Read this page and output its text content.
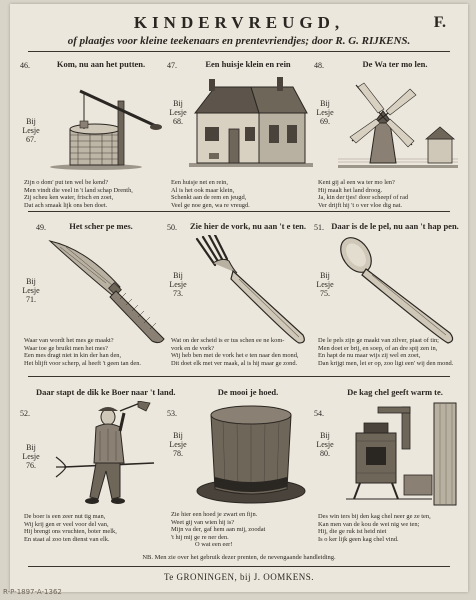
KINDERVREUGD,	F.
of plaatjes voor kleine teekenaars en prentevriendjes; door R. G. RIJKENS.
46.	Kom, nu aan het putten.
Bij
Lesje
67.
Zijn o dom' put ten wel be kend?
Men vindt die veel in 't land schap Drenth,
Zij scheu ken water, frisch en zoet,
Dat ach smaak lijk ons ben doet.
47.	Een huisje klein en rein
Bij
Lesje
68.
Een huisje net en rein,
Al is het ook maar klein,
Schenkt aan de rem en jeugd,
Veel ge noe gen, wa re vreugd.
48.	De Wa ter mo len.
Bij
Lesje
69.
Kent gij al een wa ter mo len?
Hij maalt het land droog.
Ja, kin der tjes! door scheepf of rad
Ver drijft hij 't o ver vloe dig nat.
49.	Het scher pe mes.
Bij
Lesje
71.
Waar van wordt het mes ge maakt?
Waar toe ge bruikt men het mes?
Een mes dragt niet in kin der han den,
Het blijft voor scherp, al heeft 't geen tan den.
50.	Zie hier de vork, nu aan 't e ten.
Bij
Lesje
73.
Wat on der scheid is er tus schen ee ne kom-
vork en de vork?
Wij heb ben met de vork het e ten naar den mond,
Dit doet elk met ver maak, al is hij maar ge zond.
51. Daar is de le pel, nu aan 't hap pen.
Bij
Lesje
75.
De le pels zijn ge maakt van zilver, piaat of tin;
Men doet er brij, en soep, of an dre spij zen in,
En hapt de nu maar wijs zij wel en zoet,
Dan krijgt men, let er op, zoo ligt een' wij den mond.
52.
Daar stapt de dik ke Boer naar 't land.
Bij
Lesje
76.
De boer is een zeer nut tig man,
Wij krij gen er veel voor del van,
Hij brengt ons vruchten, boter melk,
En staat al zoo ten dienst van elk.
53.
De mooi je hoed.
Bij
Lesje
78.
Zie hier een hoed je zwart en fijn.
Weet gij van wien hij is?
Mijn va der, gaf hem aan mij, zoodat
't hij mij ge re ner den.
O wat een eer!
54.
De kag chel geeft warm te.
Bij
Lesje
80.
Des win ters bij den kag chel neer ge ze ten,
Kan men van de kou de wei nig we ten;
Hij, die ge ruk ist heid niet
Is o ker lijk geen kag chel vind.
NB. Men zie over het gebruik dezer prenten, de nevengaande handleiding.
Te GRONINGEN, bij J. OOMKENS.
R-P-1897-A-1362
